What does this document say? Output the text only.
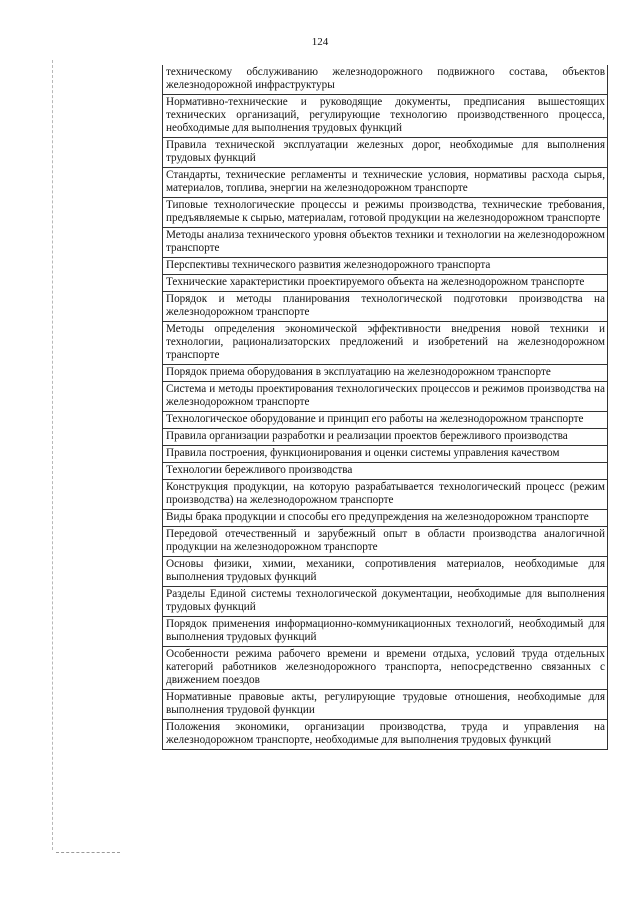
124
техническому обслуживанию железнодорожного подвижного состава, объектов железнодорожной инфраструктуры
Нормативно-технические и руководящие документы, предписания вышестоящих технических организаций, регулирующие технологию производственного процесса, необходимые для выполнения трудовых функций
Правила технической эксплуатации железных дорог, необходимые для выполнения трудовых функций
Стандарты, технические регламенты и технические условия, нормативы расхода сырья, материалов, топлива, энергии на железнодорожном транспорте
Типовые технологические процессы и режимы производства, технические требования, предъявляемые к сырью, материалам, готовой продукции на железнодорожном транспорте
Методы анализа технического уровня объектов техники и технологии на железнодорожном транспорте
Перспективы технического развития железнодорожного транспорта
Технические характеристики проектируемого объекта на железнодорожном транспорте
Порядок и методы планирования технологической подготовки производства на железнодорожном транспорте
Методы определения экономической эффективности внедрения новой техники и технологии, рационализаторских предложений и изобретений на железнодорожном транспорте
Порядок приема оборудования в эксплуатацию на железнодорожном транспорте
Система и методы проектирования технологических процессов и режимов производства на железнодорожном транспорте
Технологическое оборудование и принцип его работы на железнодорожном транспорте
Правила организации разработки и реализации проектов бережливого производства
Правила построения, функционирования и оценки системы управления качеством
Технологии бережливого производства
Конструкция продукции, на которую разрабатывается технологический процесс (режим производства) на железнодорожном транспорте
Виды брака продукции и способы его предупреждения на железнодорожном транспорте
Передовой отечественный и зарубежный опыт в области производства аналогичной продукции на железнодорожном транспорте
Основы физики, химии, механики, сопротивления материалов, необходимые для выполнения трудовых функций
Разделы Единой системы технологической документации, необходимые для выполнения трудовых функций
Порядок применения информационно-коммуникационных технологий, необходимый для выполнения трудовых функций
Особенности режима рабочего времени и времени отдыха, условий труда отдельных категорий работников железнодорожного транспорта, непосредственно связанных с движением поездов
Нормативные правовые акты, регулирующие трудовые отношения, необходимые для выполнения трудовой функции
Положения экономики, организации производства, труда и управления на железнодорожном транспорте, необходимые для выполнения трудовых функций
